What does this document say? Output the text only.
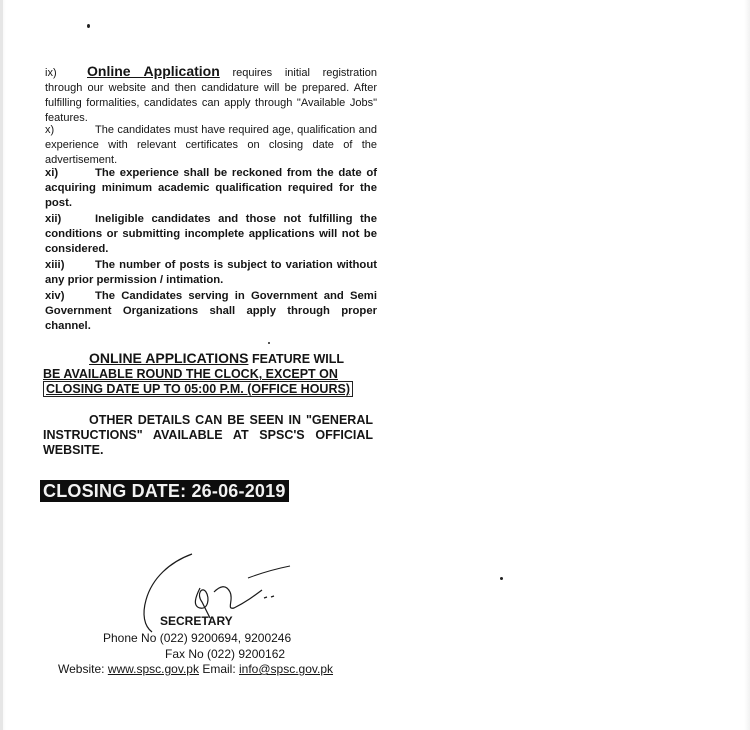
ix) Online Application requires initial registration through our website and then candidature will be prepared. After fulfilling formalities, candidates can apply through "Available Jobs" features.
x)	The candidates must have required age, qualification and experience with relevant certificates on closing date of the advertisement.
xi)	The experience shall be reckoned from the date of acquiring minimum academic qualification required for the post.
xii)	Ineligible candidates and those not fulfilling the conditions or submitting incomplete applications will not be considered.
xiii)	The number of posts is subject to variation without any prior permission / intimation.
xiv)	The Candidates serving in Government and Semi Government Organizations shall apply through proper channel.
ONLINE APPLICATIONS FEATURE WILL
BE AVAILABLE ROUND THE CLOCK, EXCEPT ON
CLOSING DATE UP TO 05:00 P.M. (OFFICE HOURS)
OTHER DETAILS CAN BE SEEN IN "GENERAL INSTRUCTIONS" AVAILABLE AT SPSC'S OFFICIAL WEBSITE.
CLOSING DATE: 26-06-2019
SECRETARY
Phone No (022) 9200694, 9200246
Fax No (022) 9200162
Website: www.spsc.gov.pk Email: info@spsc.gov.pk
